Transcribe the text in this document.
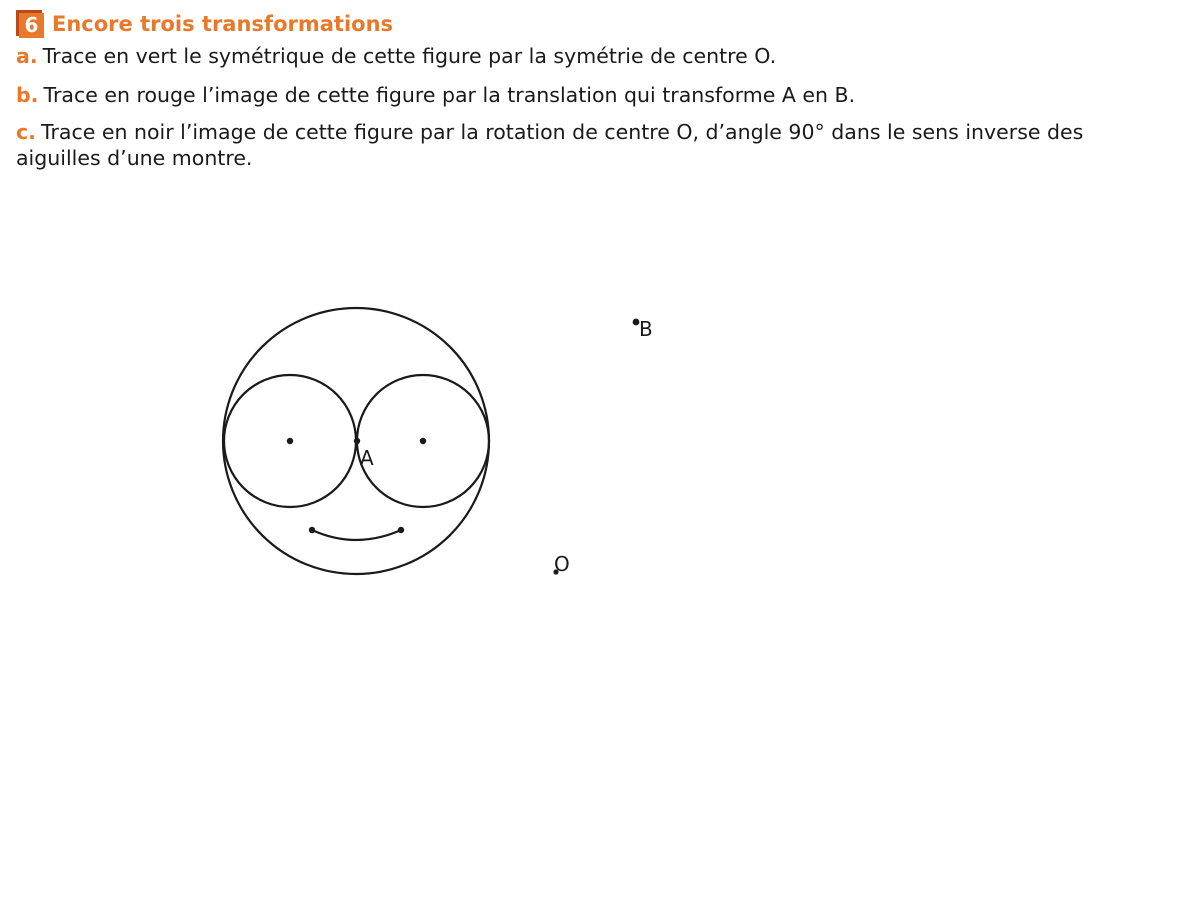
6 Encore trois transformations
a. Trace en vert le symétrique de cette figure par la symétrie de centre O.
b. Trace en rouge l’image de cette figure par la translation qui transforme A en B.
c. Trace en noir l’image de cette figure par la rotation de centre O, d’angle 90° dans le sens inverse des aiguilles d’une montre.
A
B
O
